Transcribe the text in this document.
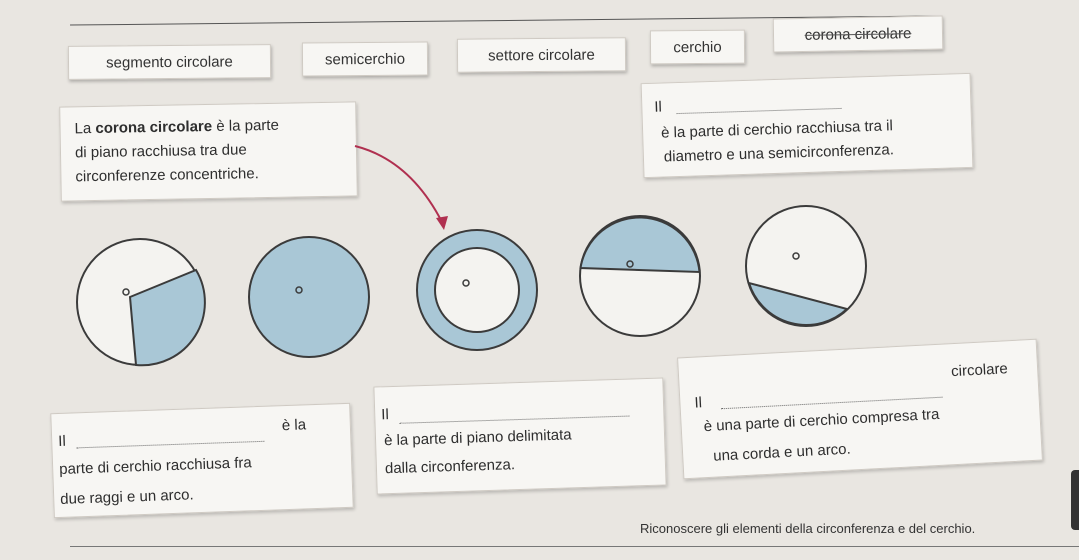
segmento circolare	semicerchio	settore circolare	cerchio
corona circolare
La corona circolare è la parte
di piano racchiusa tra due
circonferenze concentriche.
Il
è la parte di cerchio racchiusa tra il
diametro e una semicirconferenza.
Il
è la
parte di cerchio racchiusa fra
due raggi e un arco.
Il
è la parte di piano delimitata
dalla circonferenza.
Il
circolare
è una parte di cerchio compresa tra
una corda e un arco.
Riconoscere gli elementi della circonferenza e del cerchio.
